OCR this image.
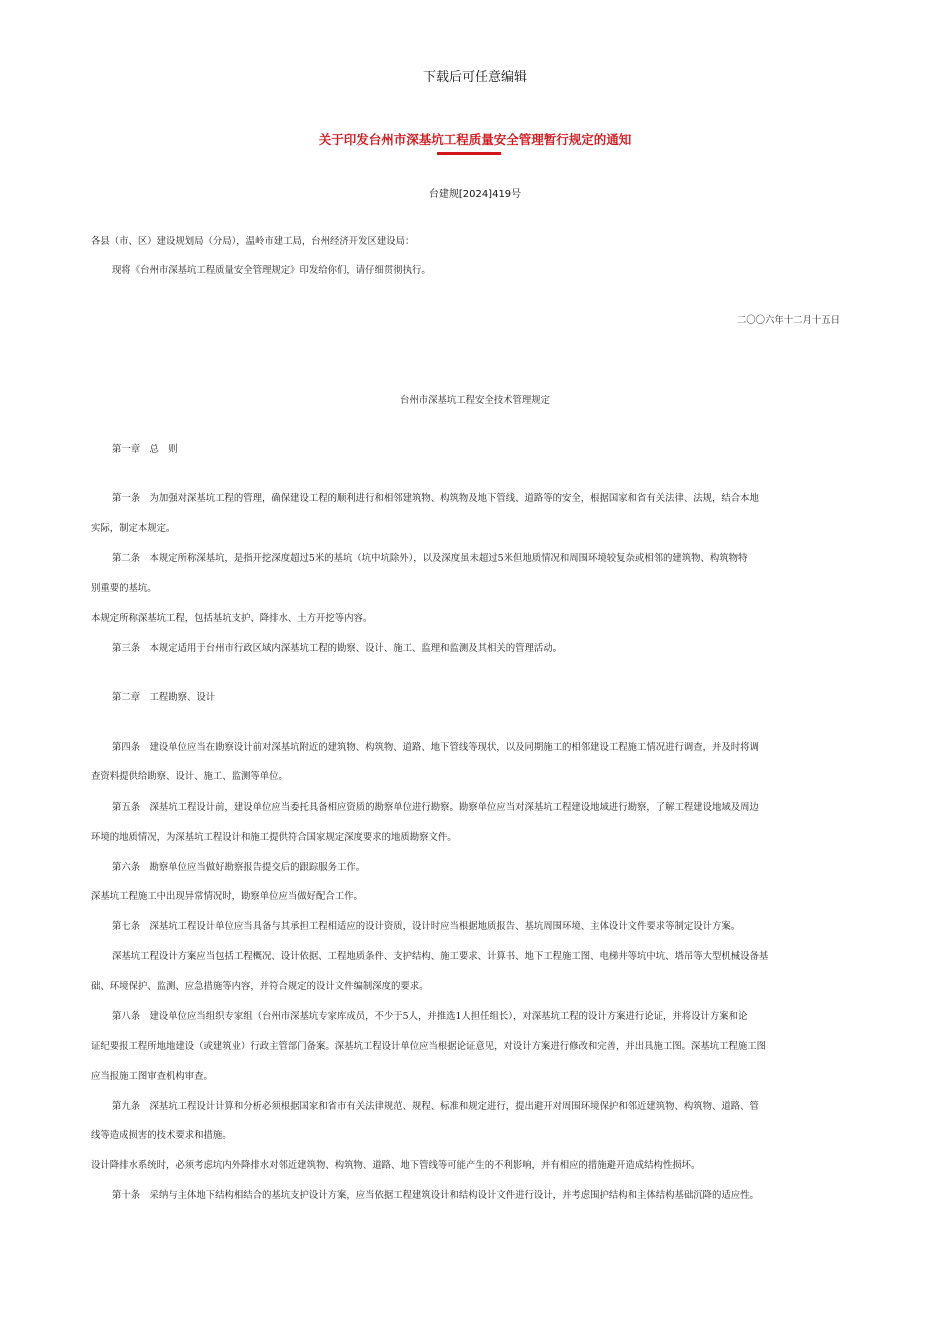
下载后可任意编辑
关于印发台州市深基坑工程质量安全管理暂行规定的通知
台建规[2024]419号
各县（市、区）建设规划局（分局），温岭市建工局，台州经济开发区建设局：
现将《台州市深基坑工程质量安全管理规定》印发给你们，请仔细贯彻执行。
二〇〇六年十二月十五日
台州市深基坑工程安全技术管理规定
第一章　总　则
第一条　为加强对深基坑工程的管理，确保建设工程的顺利进行和相邻建筑物、构筑物及地下管线、道路等的安全，根据国家和省有关法律、法规，结合本地
实际，制定本规定。
第二条　本规定所称深基坑，是指开挖深度超过5米的基坑（坑中坑除外），以及深度虽未超过5米但地质情况和周围环境较复杂或相邻的建筑物、构筑物特
别重要的基坑。
本规定所称深基坑工程，包括基坑支护、降排水、土方开挖等内容。
第三条　本规定适用于台州市行政区域内深基坑工程的勘察、设计、施工、监理和监测及其相关的管理活动。
第二章　工程勘察、设计
第四条　建设单位应当在勘察设计前对深基坑附近的建筑物、构筑物、道路、地下管线等现状，以及同期施工的相邻建设工程施工情况进行调查，并及时将调
查资料提供给勘察、设计、施工、监测等单位。
第五条　深基坑工程设计前，建设单位应当委托具备相应资质的勘察单位进行勘察。勘察单位应当对深基坑工程建设地域进行勘察，了解工程建设地域及周边
环境的地质情况，为深基坑工程设计和施工提供符合国家规定深度要求的地质勘察文件。
第六条　勘察单位应当做好勘察报告提交后的跟踪服务工作。
深基坑工程施工中出现异常情况时，勘察单位应当做好配合工作。
第七条　深基坑工程设计单位应当具备与其承担工程相适应的设计资质，设计时应当根据地质报告、基坑周围环境、主体设计文件要求等制定设计方案。
深基坑工程设计方案应当包括工程概况、设计依据、工程地质条件、支护结构、施工要求、计算书、地下工程施工图、电梯井等坑中坑、塔吊等大型机械设备基
础、环境保护、监测、应急措施等内容，并符合规定的设计文件编制深度的要求。
第八条　建设单位应当组织专家组（台州市深基坑专家库成员，不少于5人，并推选1人担任组长），对深基坑工程的设计方案进行论证，并将设计方案和论
证纪要报工程所地地建设（或建筑业）行政主管部门备案。深基坑工程设计单位应当根据论证意见，对设计方案进行修改和完善，并出具施工图。深基坑工程施工图
应当报施工图审查机构审查。
第九条　深基坑工程设计计算和分析必须根据国家和省市有关法律规范、规程、标准和规定进行，提出避开对周围环境保护和邻近建筑物、构筑物、道路、管
线等造成损害的技术要求和措施。
设计降排水系统时，必须考虑坑内外降排水对邻近建筑物、构筑物、道路、地下管线等可能产生的不利影响，并有相应的措施避开造成结构性损坏。
第十条　采纳与主体地下结构相结合的基坑支护设计方案，应当依据工程建筑设计和结构设计文件进行设计，并考虑围护结构和主体结构基础沉降的适应性。
